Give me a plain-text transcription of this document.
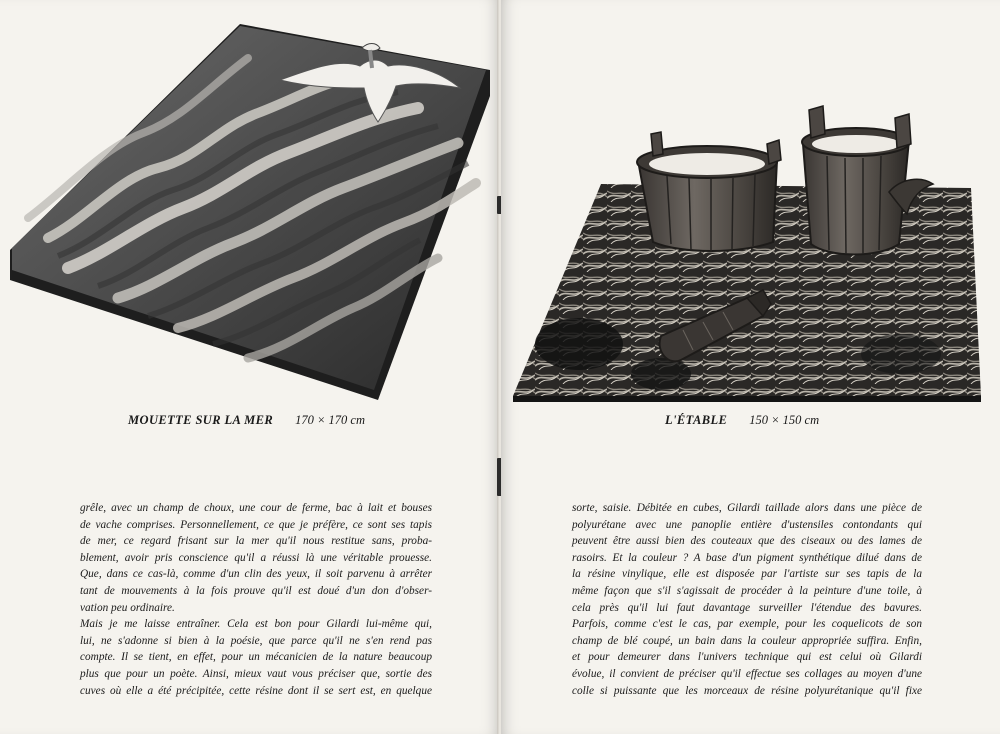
MOUETTE SUR LA MER 170 × 170 cm
grêle, avec un champ de choux, une cour de ferme, bac à lait et bouses
de vache comprises. Personnellement, ce que je préfère, ce sont ses tapis
de mer, ce regard frisant sur la mer qu'il nous restitue sans, proba-
blement, avoir pris conscience qu'il a réussi là une véritable prouesse.
Que, dans ce cas-là, comme d'un clin des yeux, il soit parvenu à arrêter
tant de mouvements à la fois prouve qu'il est doué d'un don d'obser-
vation peu ordinaire.
Mais je me laisse entraîner. Cela est bon pour Gilardi lui-même qui,
lui, ne s'adonne si bien à la poésie, que parce qu'il ne s'en rend pas
compte. Il se tient, en effet, pour un mécanicien de la nature beaucoup
plus que pour un poète. Ainsi, mieux vaut vous préciser que, sortie des
cuves où elle a été précipitée, cette résine dont il se sert est, en quelque
L'ÉTABLE 150 × 150 cm
sorte, saisie. Débitée en cubes, Gilardi taillade alors dans une pièce de
polyurétane avec une panoplie entière d'ustensiles contondants qui
peuvent être aussi bien des couteaux que des ciseaux ou des lames de
rasoirs. Et la couleur ? A base d'un pigment synthétique dilué dans de
la résine vinylique, elle est disposée par l'artiste sur ses tapis de la
même façon que s'il s'agissait de procéder à la peinture d'une toile, à
cela près qu'il lui faut davantage surveiller l'étendue des bavures.
Parfois, comme c'est le cas, par exemple, pour les coquelicots de son
champ de blé coupé, un bain dans la couleur appropriée suffira. Enfin,
et pour demeurer dans l'univers technique qui est celui où Gilardi
évolue, il convient de préciser qu'il effectue ses collages au moyen d'une
colle si puissante que les morceaux de résine polyurétanique qu'il fixe
